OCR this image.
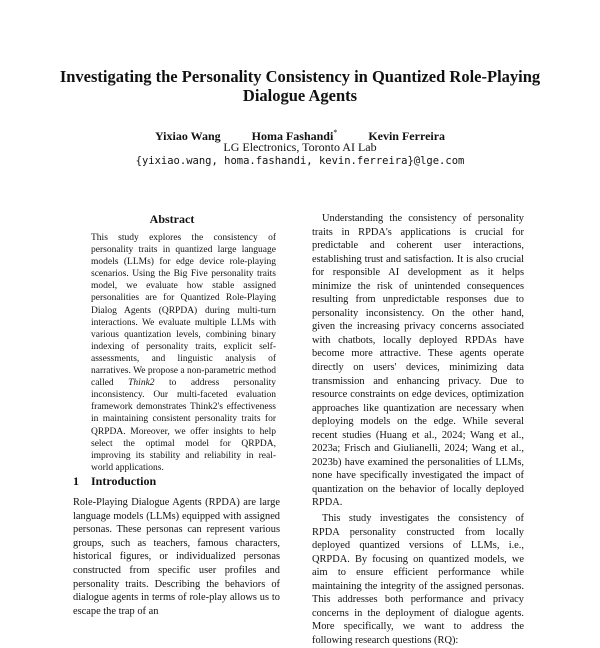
Investigating the Personality Consistency in Quantized Role-Playing Dialogue Agents
Yixiao Wang	Homa Fashandi*	Kevin Ferreira
LG Electronics, Toronto AI Lab
{yixiao.wang, homa.fashandi, kevin.ferreira}@lge.com
Abstract

This study explores the consistency of personality traits in quantized large language models (LLMs) for edge device role-playing scenarios. Using the Big Five personality traits model, we evaluate how stable assigned personalities are for Quantized Role-Playing Dialog Agents (QRPDA) during multi-turn interactions. We evaluate multiple LLMs with various quantization levels, combining binary indexing of personality traits, explicit self-assessments, and linguistic analysis of narratives. We propose a non-parametric method called Think2 to address personality inconsistency. Our multi-faceted evaluation framework demonstrates Think2's effectiveness in maintaining consistent personality traits for QRPDA. Moreover, we offer insights to help select the optimal model for QRPDA, improving its stability and reliability in real-world applications.

1 Introduction

Role-Playing Dialogue Agents (RPDA) are large language models (LLMs) equipped with assigned personas. These personas can represent various groups, such as teachers, famous characters, historical figures, or individualized personas constructed from specific user profiles and personality traits. Describing the behaviors of dialogue agents in terms of role-play allows us to escape the trap of an

Understanding the consistency of personality traits in RPDA's applications is crucial for predictable and coherent user interactions, establishing trust and satisfaction. It is also crucial for responsible AI development as it helps minimize the risk of unintended consequences resulting from unpredictable responses due to personality inconsistency. On the other hand, given the increasing privacy concerns associated with chatbots, locally deployed RPDAs have become more attractive. These agents operate directly on users' devices, minimizing data transmission and enhancing privacy. Due to resource constraints on edge devices, optimization approaches like quantization are necessary when deploying models on the edge. While several recent studies (Huang et al., 2024; Wang et al., 2023a; Frisch and Giulianelli, 2024; Wang et al., 2023b) have examined the personalities of LLMs, none have specifically investigated the impact of quantization on the behavior of locally deployed RPDA.

This study investigates the consistency of RPDA personality constructed from locally deployed quantized versions of LLMs, i.e., QRPDA. By focusing on quantized models, we aim to ensure efficient performance while maintaining the integrity of the assigned personas. This addresses both performance and privacy concerns in the deployment of dialogue agents. More specifically, we want to address the following research questions (RQ):
